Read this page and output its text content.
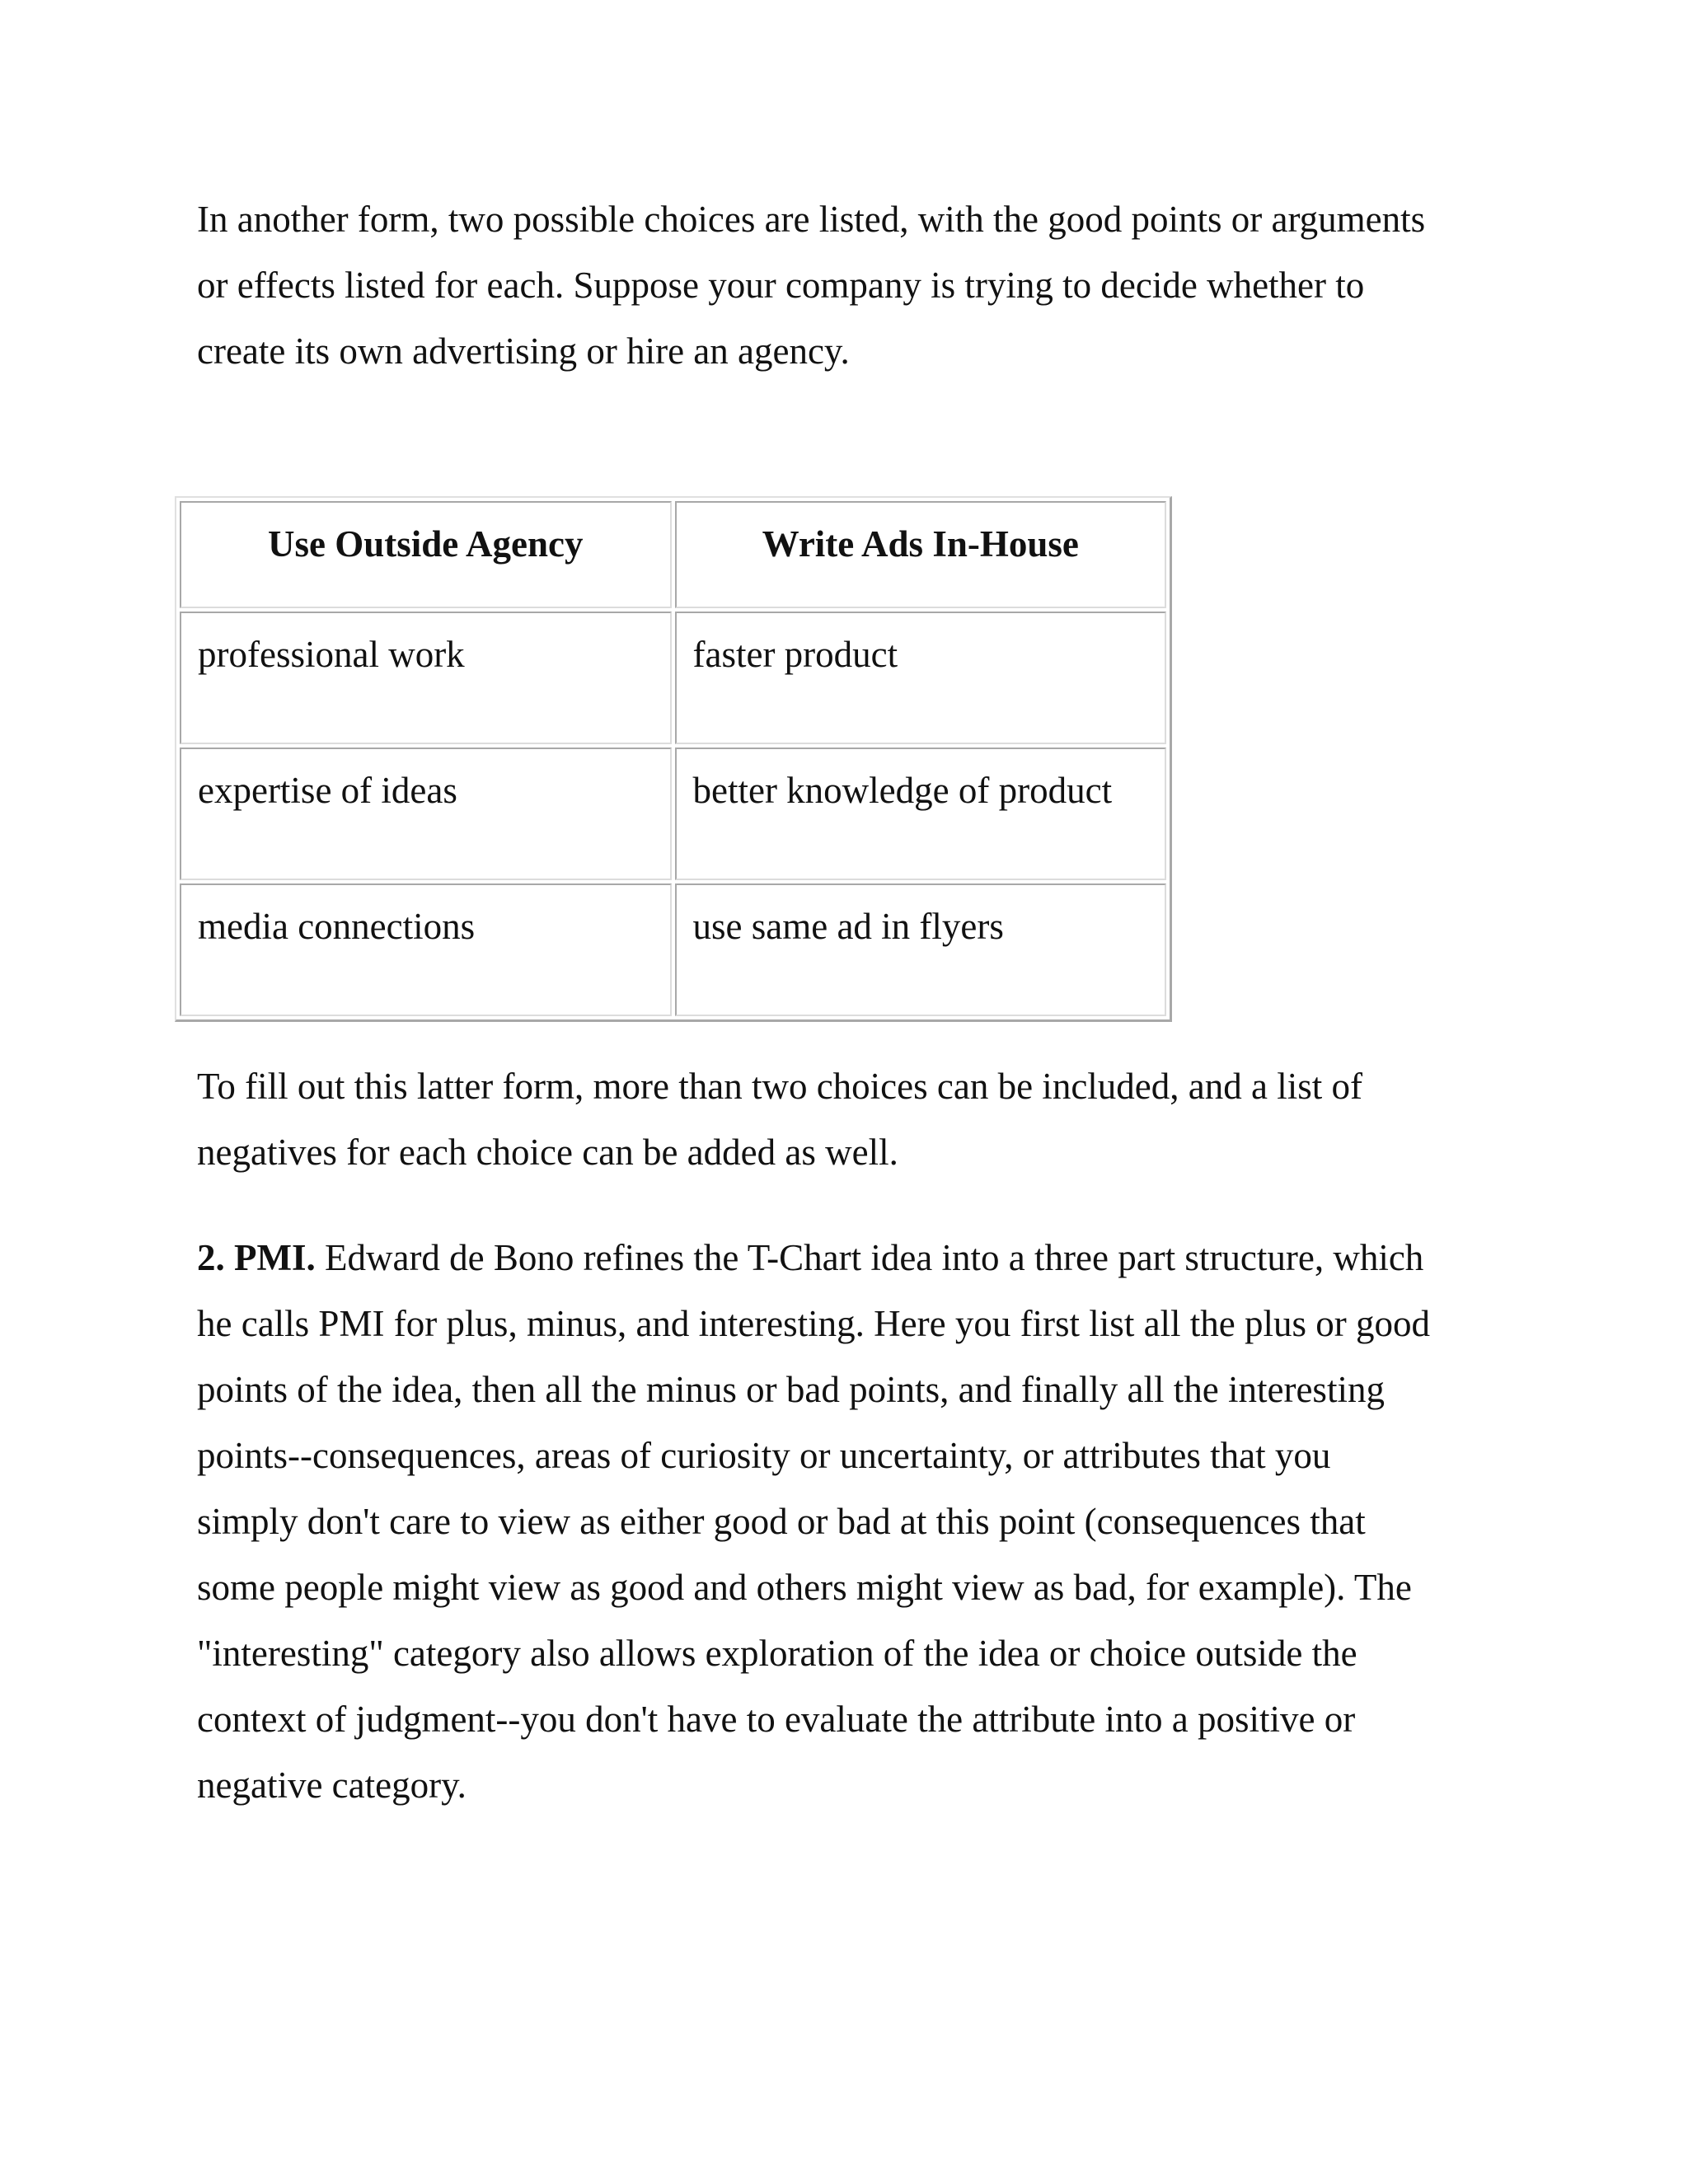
In another form, two possible choices are listed, with the good points or arguments
or effects listed for each. Suppose your company is trying to decide whether to
create its own advertising or hire an agency.

Use Outside Agency	Write Ads In-House
professional work	faster product
expertise of ideas	better knowledge of product
media connections	use same ad in flyers

To fill out this latter form, more than two choices can be included, and a list of
negatives for each choice can be added as well.

2. PMI. Edward de Bono refines the T-Chart idea into a three part structure, which
he calls PMI for plus, minus, and interesting. Here you first list all the plus or good
points of the idea, then all the minus or bad points, and finally all the interesting
points--consequences, areas of curiosity or uncertainty, or attributes that you
simply don't care to view as either good or bad at this point (consequences that
some people might view as good and others might view as bad, for example). The
"interesting" category also allows exploration of the idea or choice outside the
context of judgment--you don't have to evaluate the attribute into a positive or
negative category.
